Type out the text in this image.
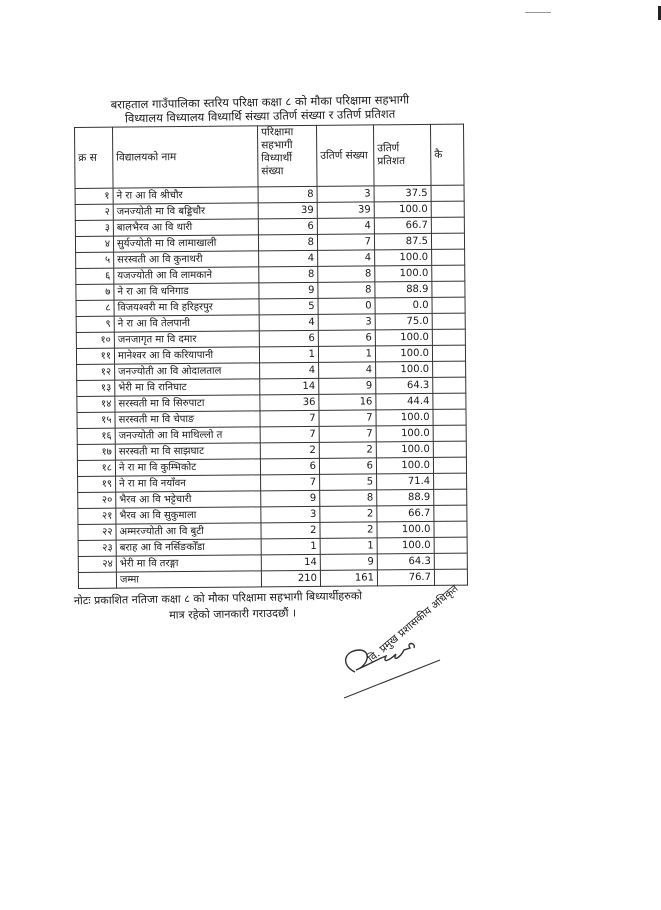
बराहताल गाउँपालिका स्तरिय परिक्षा कक्षा ८ को मौका परिक्षामा सहभागी
विध्यालय विध्यालय विध्यार्थि संख्या उतिर्ण संख्या र उतिर्ण प्रतिशत
क्र स	विद्यालयको नाम	परिक्षामा सहभागी विध्यार्थी संख्या	उतिर्ण संख्या	उतिर्ण प्रतिशत	कै
१	ने रा आ वि श्रीचौर	8	3	37.5	
२	जनज्योती मा वि बड्डिचौर	39	39	100.0	
३	बालभैरव आ वि थारी	6	4	66.7	
४	सुर्यज्योती मा वि लामाखाली	8	7	87.5	
५	सरस्वती आ वि कुनाथरी	4	4	100.0	
६	यजज्योती आ वि लामकाने	8	8	100.0	
७	ने रा आ वि धनिगाड	9	8	88.9	
८	विजयश्वरी मा वि हरिहरपुर	5	0	0.0	
९	ने रा आ वि तेलपानी	4	3	75.0	
१०	जनजागृत मा वि दमार	6	6	100.0	
११	मानेश्वर आ वि करियापानी	1	1	100.0	
१२	जनज्योती आ वि ओदालताल	4	4	100.0	
१३	भेरी मा वि रानिघाट	14	9	64.3	
१४	सरस्वती मा वि सिरुपाटा	36	16	44.4	
१५	सरस्वती मा वि चेपाङ	7	7	100.0	
१६	जनज्योती आ वि माथिल्लो त	7	7	100.0	
१७	सरस्वती मा वि साझघाट	2	2	100.0	
१८	ने रा मा वि कुम्भिकोट	6	6	100.0	
१९	ने रा मा वि नयाँवन	7	5	71.4	
२०	भैरव आ वि भट्टेचारी	9	8	88.9	
२१	भैरव आ वि सुकुमाला	3	2	66.7	
२२	अम्मरज्योती आ वि बुटी	2	2	100.0	
२३	बराह आ वि नर्सिङकोँडा	1	1	100.0	
२४	भेरी मा वि तरङ्गा	14	9	64.3	
	जम्मा	210	161	76.7	
नोटः प्रकाशित नतिजा कक्षा ८ को मौका परिक्षामा सहभागी बिध्यार्थीहरुको
मात्र रहेको जानकारी गराउदछौं ।	वि. प्रमुख प्रशासकीय अधिकृत
